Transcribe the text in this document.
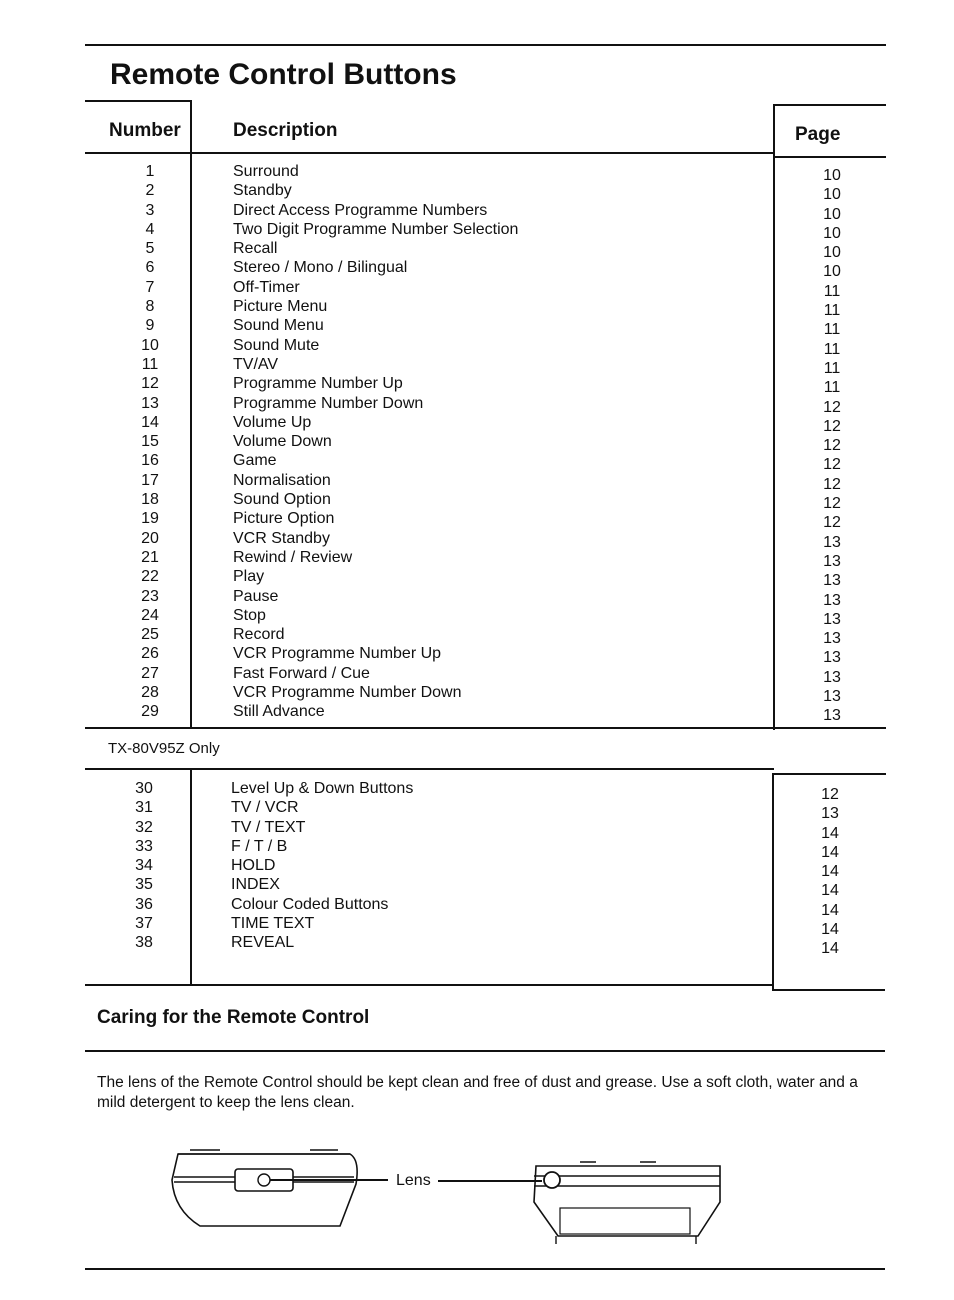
Remote Control Buttons
Number	Description	Page
1
2
3
4
5
6
7
8
9
10
11
12
13
14
15
16
17
18
19
20
21
22
23
24
25
26
27
28
29
Surround
Standby
Direct Access Programme Numbers
Two Digit Programme Number Selection
Recall
Stereo / Mono / Bilingual
Off-Timer
Picture Menu
Sound Menu
Sound Mute
TV/AV
Programme Number Up
Programme Number Down
Volume Up
Volume Down
Game
Normalisation
Sound Option
Picture Option
VCR Standby
Rewind / Review
Play
Pause
Stop
Record
VCR Programme Number Up
Fast Forward / Cue
VCR Programme Number Down
Still Advance
10
10
10
10
10
10
11
11
11
11
11
11
12
12
12
12
12
12
12
13
13
13
13
13
13
13
13
13
13
TX-80V95Z Only
30
31
32
33
34
35
36
37
38
Level Up & Down Buttons
TV / VCR
TV / TEXT
F / T / B
HOLD
INDEX
Colour Coded Buttons
TIME TEXT
REVEAL
12
13
14
14
14
14
14
14
14
Caring for the Remote Control
The lens of the Remote Control should be kept clean and free of dust and grease. Use a soft cloth, water and a mild detergent to keep the lens clean.
Lens
